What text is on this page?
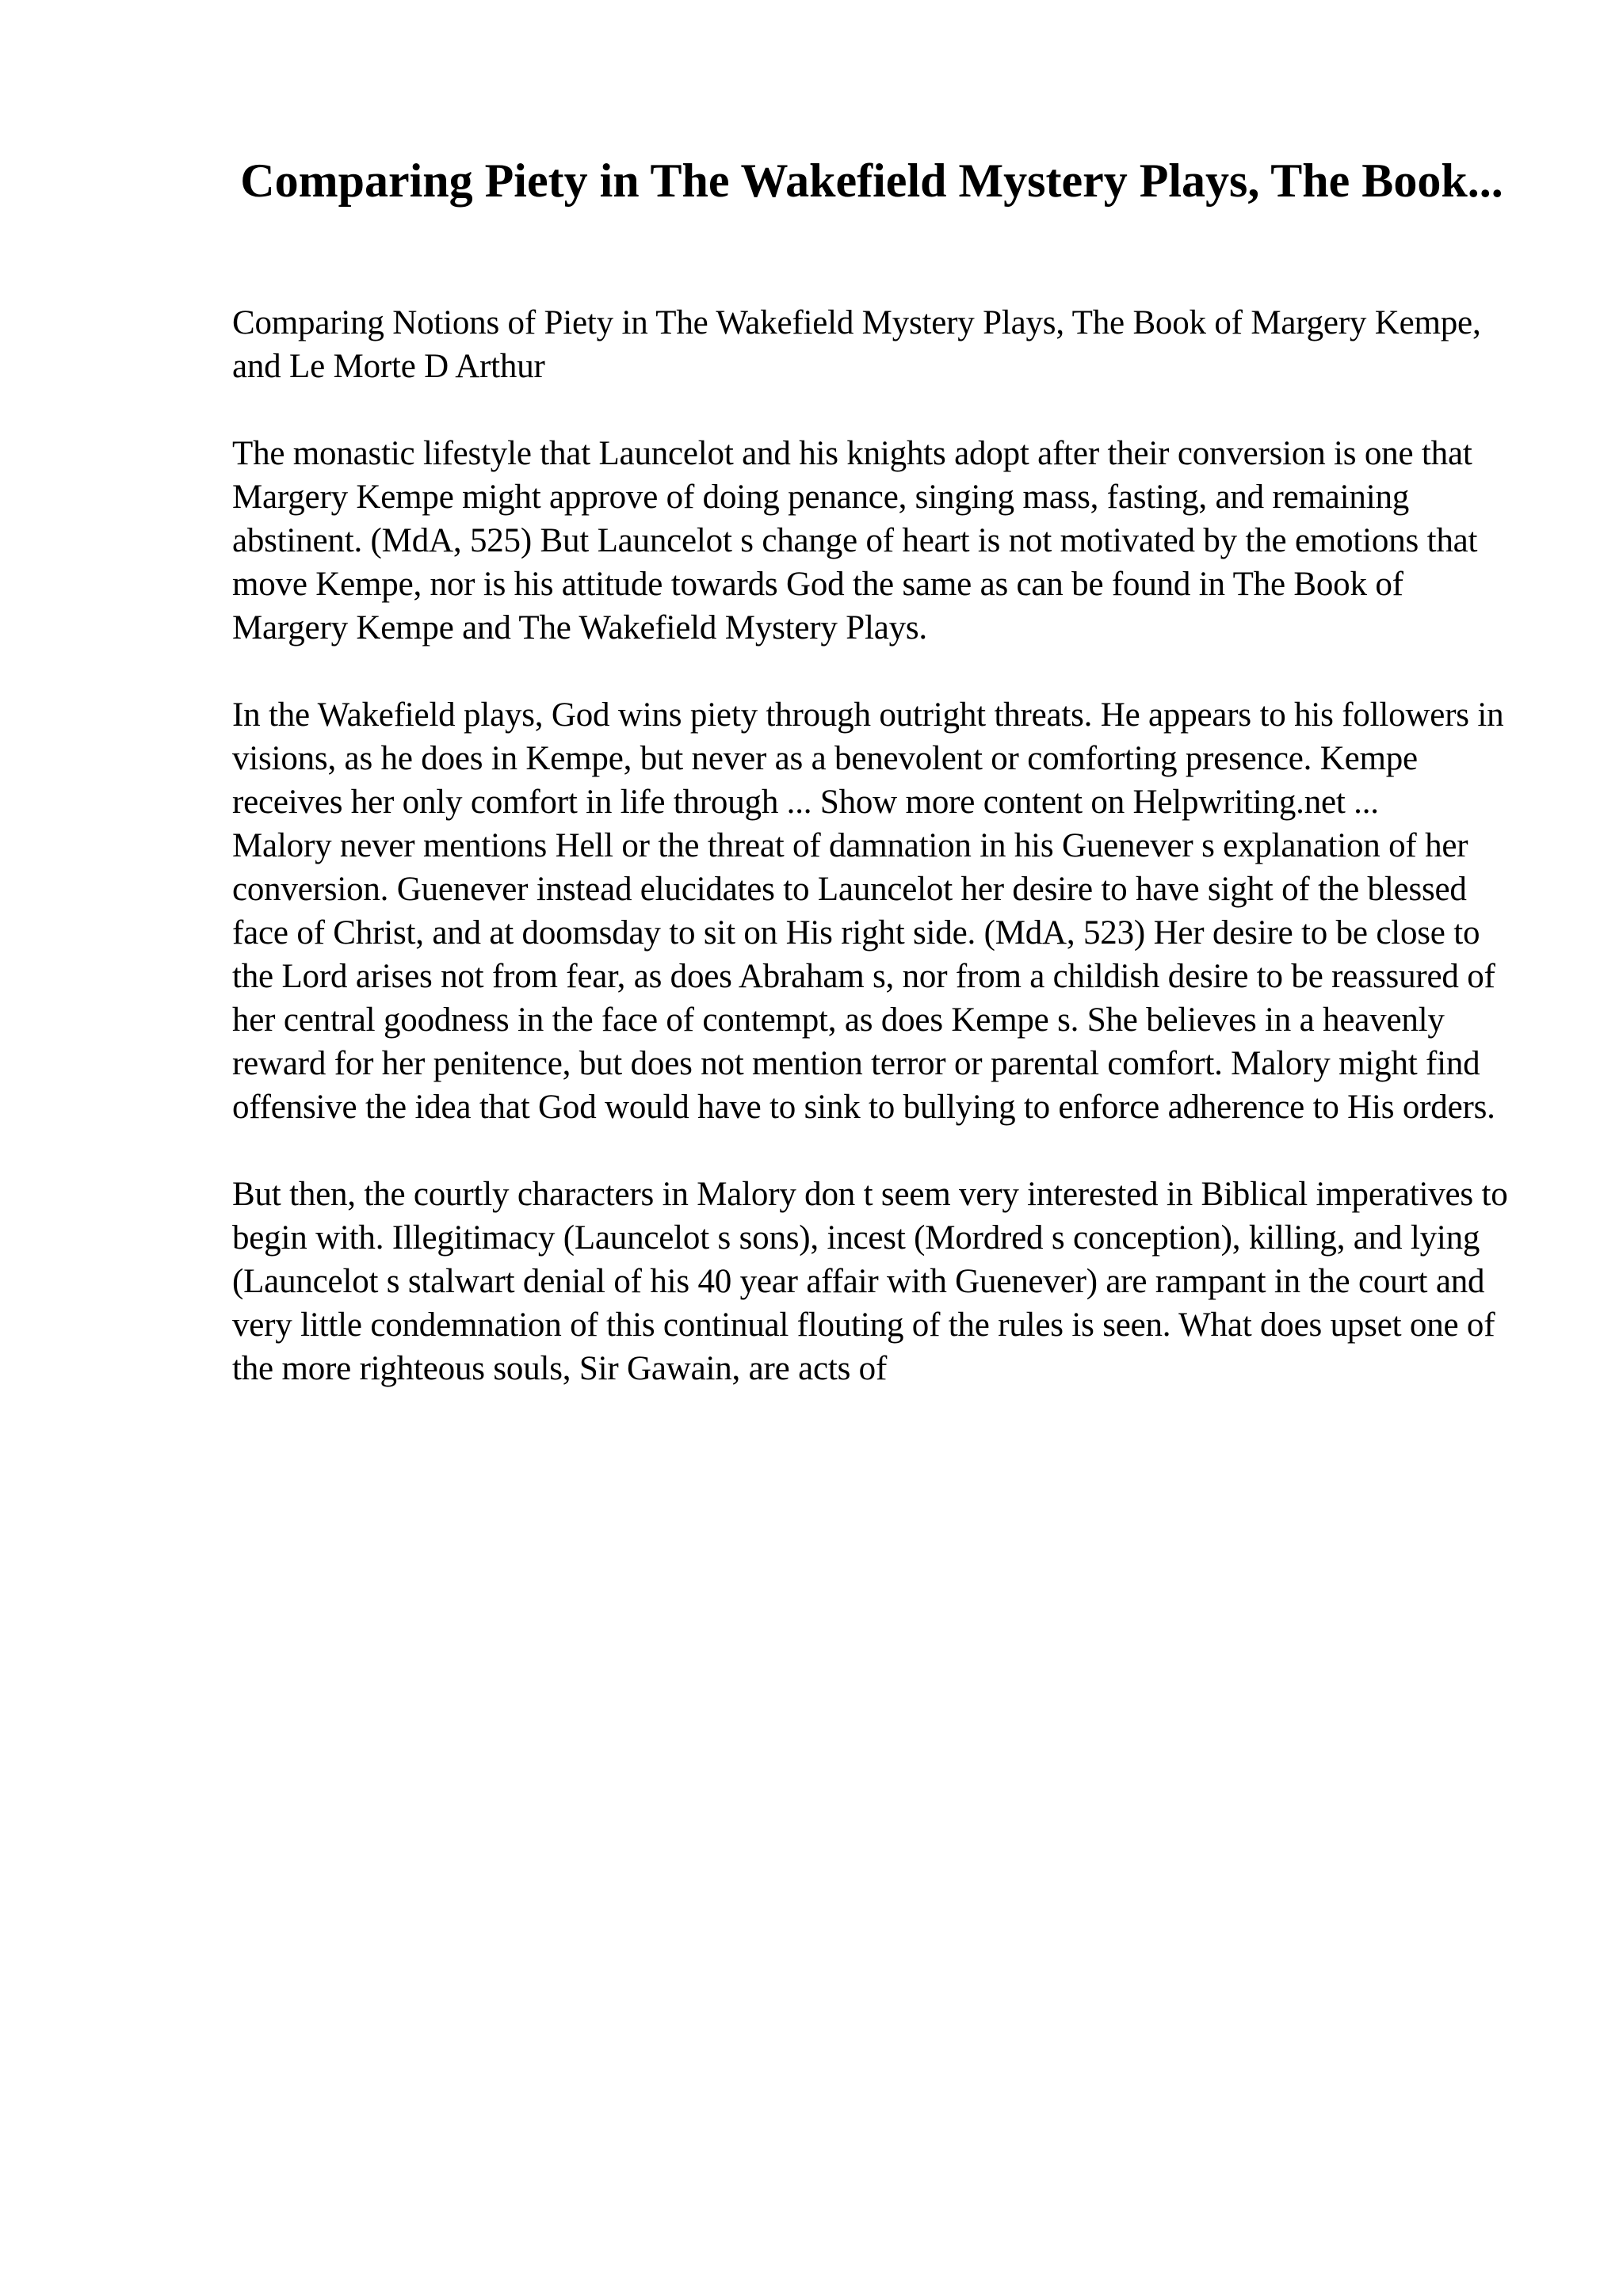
Comparing Piety in The Wakefield Mystery Plays, The Book...

Comparing Notions of Piety in The Wakefield Mystery Plays, The Book of Margery Kempe, and Le Morte D Arthur

The monastic lifestyle that Launcelot and his knights adopt after their conversion is one that Margery Kempe might approve of doing penance, singing mass, fasting, and remaining abstinent. (MdA, 525) But Launcelot s change of heart is not motivated by the emotions that move Kempe, nor is his attitude towards God the same as can be found in The Book of Margery Kempe and The Wakefield Mystery Plays.

In the Wakefield plays, God wins piety through outright threats. He appears to his followers in visions, as he does in Kempe, but never as a benevolent or comforting presence. Kempe receives her only comfort in life through ... Show more content on Helpwriting.net ...

Malory never mentions Hell or the threat of damnation in his Guenever s explanation of her conversion. Guenever instead elucidates to Launcelot her desire to have sight of the blessed face of Christ, and at doomsday to sit on His right side. (MdA, 523) Her desire to be close to the Lord arises not from fear, as does Abraham s, nor from a childish desire to be reassured of her central goodness in the face of contempt, as does Kempe s. She believes in a heavenly reward for her penitence, but does not mention terror or parental comfort. Malory might find offensive the idea that God would have to sink to bullying to enforce adherence to His orders.

But then, the courtly characters in Malory don t seem very interested in Biblical imperatives to begin with. Illegitimacy (Launcelot s sons), incest (Mordred s conception), killing, and lying (Launcelot s stalwart denial of his 40 year affair with Guenever) are rampant in the court and very little condemnation of this continual flouting of the rules is seen. What does upset one of the more righteous souls, Sir Gawain, are acts of
